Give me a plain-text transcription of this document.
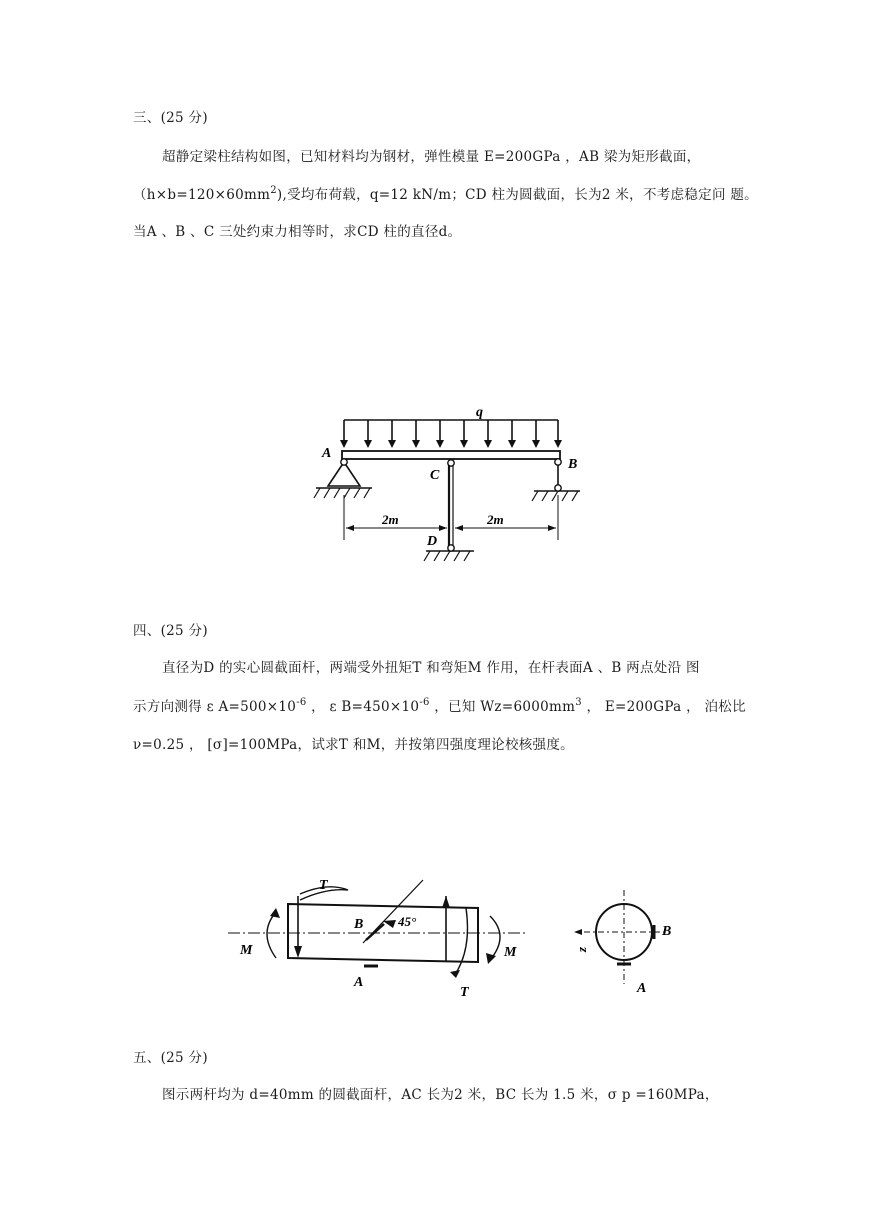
三、(25 分)
超静定梁柱结构如图，已知材料均为钢材，弹性模量 E=200GPa ，AB 梁为矩形截面，
$(h\times b=120\times 60mm^2)$,受均布荷载，q=12 kN/m；CD 柱为圆截面，长为2 米，不考虑稳定问 题。
当A 、B 、C 三处约束力相等时，求CD 柱的直径d。
q
A
B
C
D
2m	2m
四、(25 分)
直径为D 的实心圆截面杆，两端受外扭矩T 和弯矩M 作用，在杆表面A 、B 两点处沿 图
示方向测得 ε $A=500\times 10^{-6}$ ， ε $B=450\times 10^{-6}$ ，已知 $Wz=6000mm^3$ ， E=200GPa ， 泊松比
ν=0.25 ， [σ]=100MPa，试求T 和M，并按第四强度理论校核强度。
T
T
M	M
B
A
45°
B
A
z
五、(25 分)
图示两杆均为 d=40mm 的圆截面杆，AC 长为2 米，BC 长为 1.5 米，σ p =160MPa，
